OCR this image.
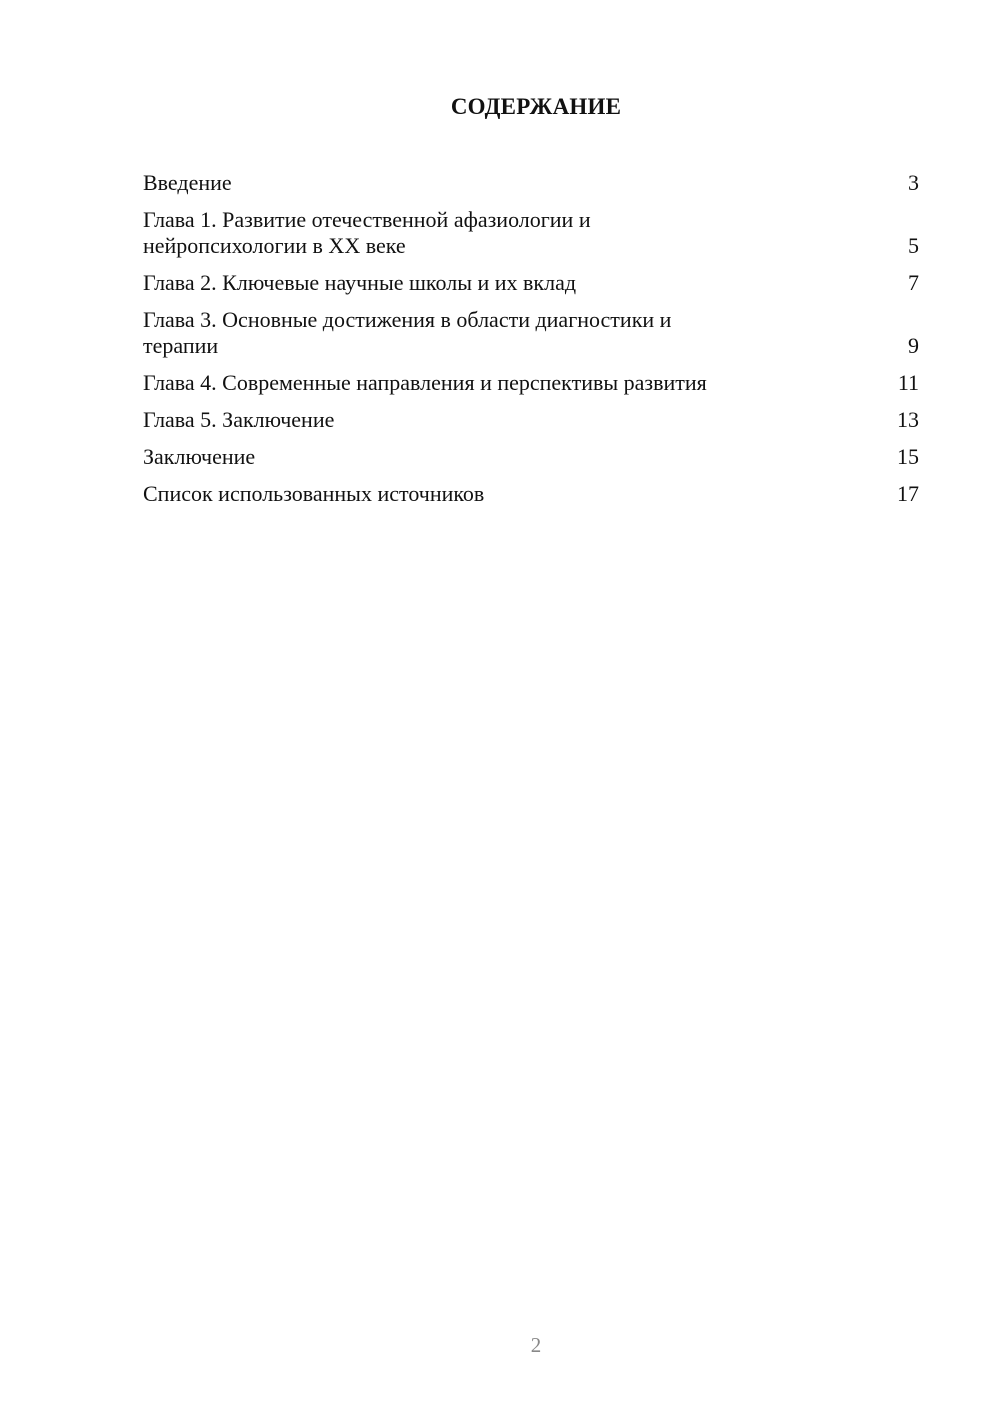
СОДЕРЖАНИЕ
Введение	3
Глава 1. Развитие отечественной афазиологии и
нейропсихологии в XX веке	5
Глава 2. Ключевые научные школы и их вклад	7
Глава 3. Основные достижения в области диагностики и
терапии	9
Глава 4. Современные направления и перспективы развития	11
Глава 5. Заключение	13
Заключение	15
Список использованных источников	17
2
